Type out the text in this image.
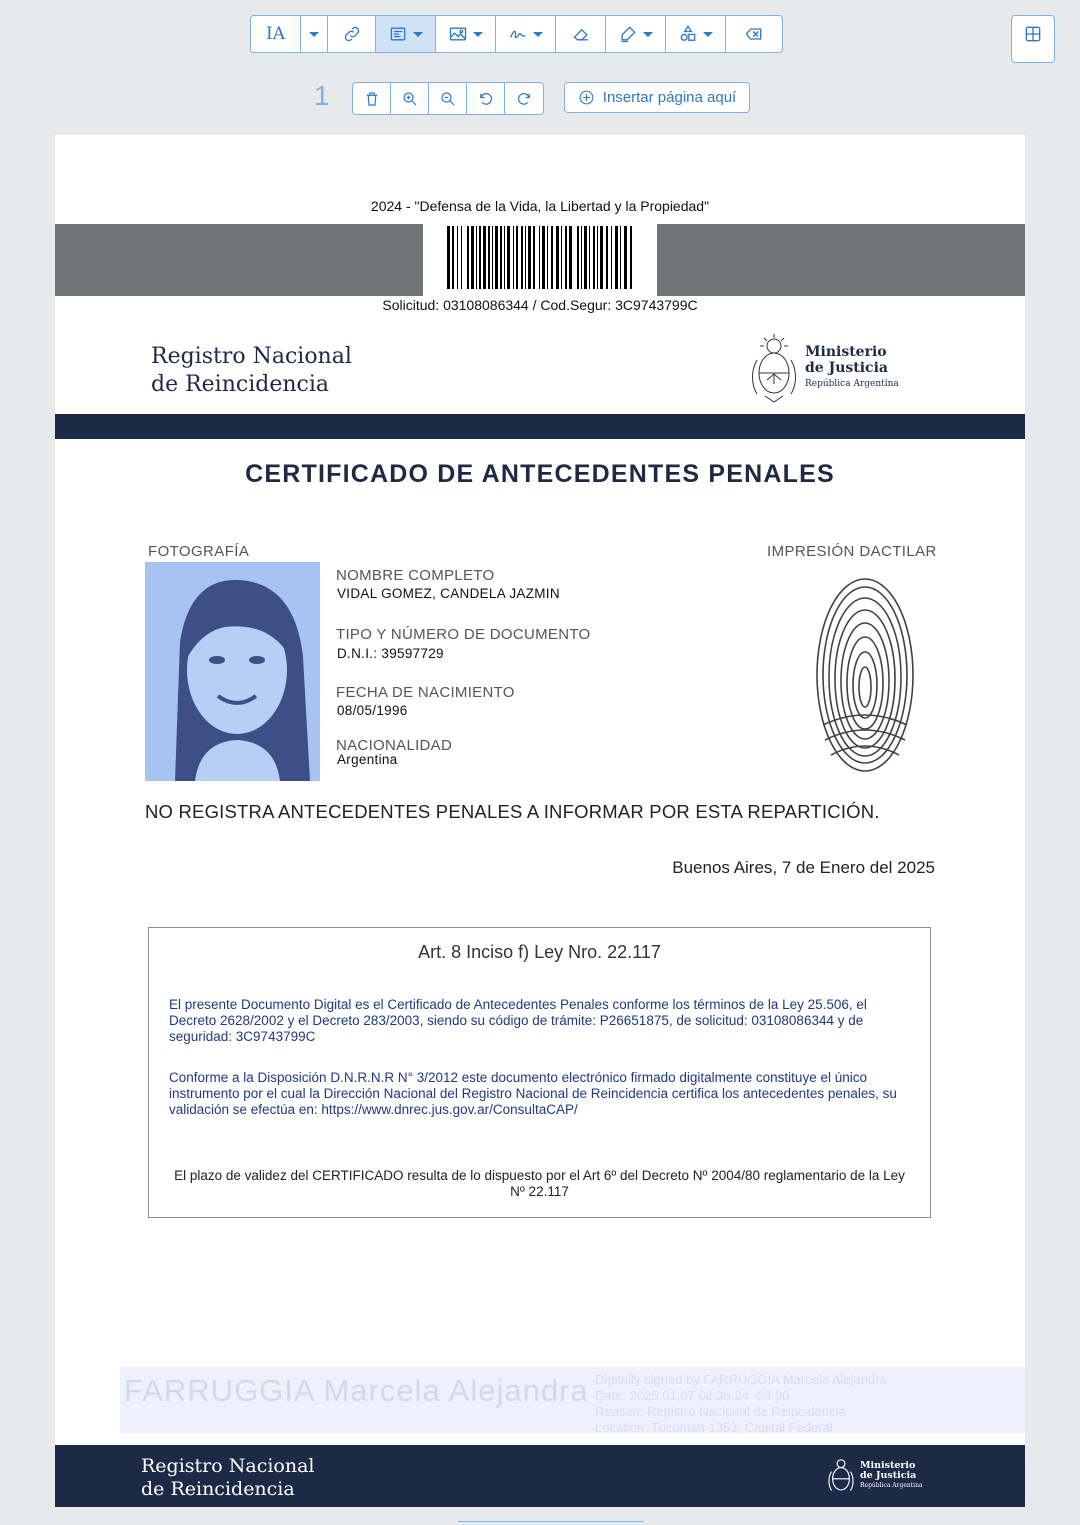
IA
1	Insertar página aquí
2024 - "Defensa de la Vida, la Libertad y la Propiedad"
Solicitud: 03108086344 / Cod.Segur: 3C9743799C
Registro Nacional
de Reincidencia
Ministerio
de Justicia
República Argentina
CERTIFICADO DE ANTECEDENTES PENALES
FOTOGRAFÍA	IMPRESIÓN DACTILAR
NOMBRE COMPLETO
VIDAL GOMEZ, CANDELA JAZMIN
TIPO Y NÚMERO DE DOCUMENTO
D.N.I.: 39597729
FECHA DE NACIMIENTO
08/05/1996
NACIONALIDAD
Argentina
NO REGISTRA ANTECEDENTES PENALES A INFORMAR POR ESTA REPARTICIÓN.
Buenos Aires, 7 de Enero del 2025
Art. 8 Inciso f) Ley Nro. 22.117
El presente Documento Digital es el Certificado de Antecedentes Penales conforme los términos de la Ley 25.506, el Decreto 2628/2002 y el Decreto 283/2003, siendo su código de trámite: P26651875, de solicitud: 03108086344 y de seguridad: 3C9743799C
Conforme a la Disposición D.N.R.N.R N° 3/2012 este documento electrónico firmado digitalmente constituye el único instrumento por el cual la Dirección Nacional del Registro Nacional de Reincidencia certifica los antecedentes penales, su validación se efectúa en: https://www.dnrec.jus.gov.ar/ConsultaCAP/
El plazo de validez del CERTIFICADO resulta de lo dispuesto por el Art 6º del Decreto Nº 2004/80 reglamentario de la Ley Nº 22.117
FARRUGGIA Marcela Alejandra Digitally signed by FARRUGGIA Marcela Alejandra
Date: 2025.01.07 02:36:24 -03:00
Reason: Registro Nacional de Reincidencia
Location: Tucuman 1353, Capital Federal
Registro Nacional
de Reincidencia
Ministerio
de Justicia
República Argentina
